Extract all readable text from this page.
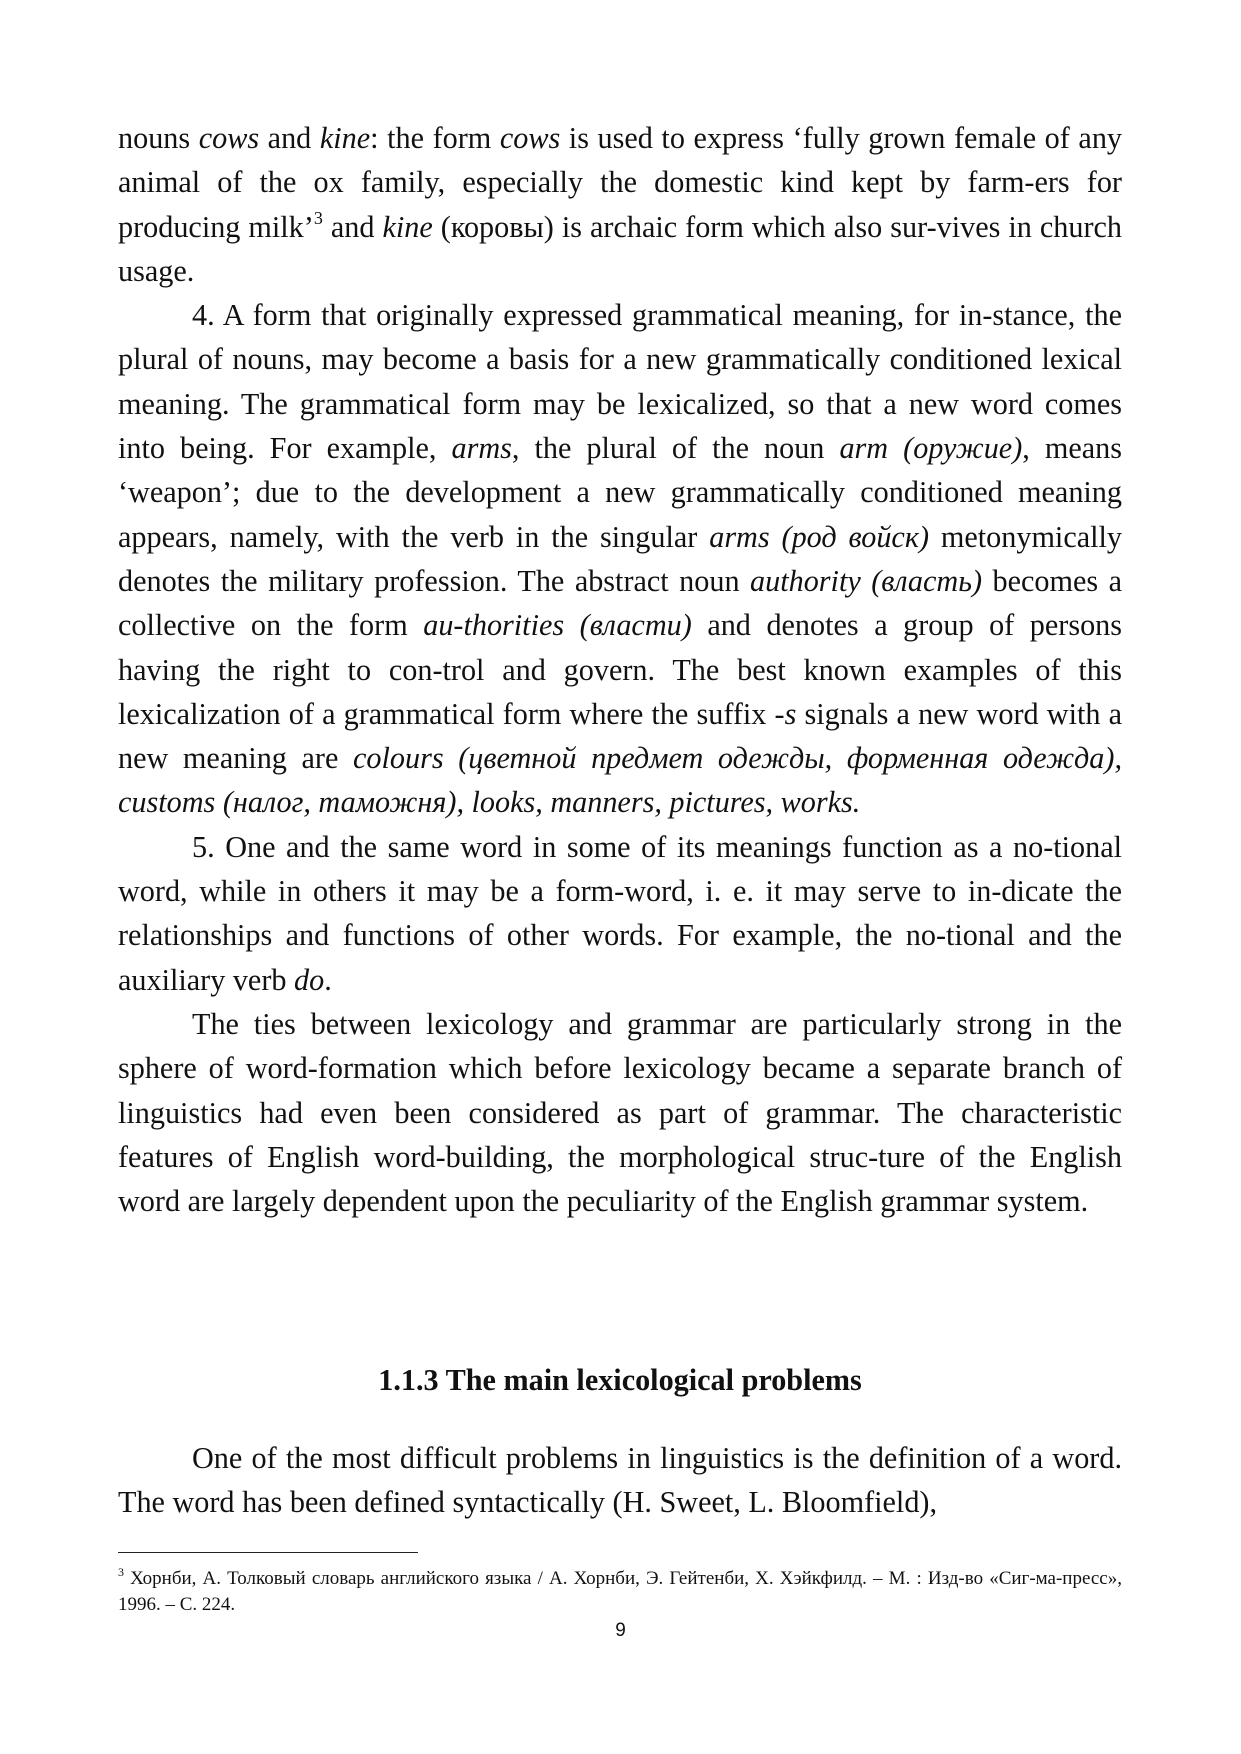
nouns cows and kine: the form cows is used to express ‘fully grown female of any animal of the ox family, especially the domestic kind kept by farm-ers for producing milk’$^3$ and kine (коровы) is archaic form which also sur-vives in church usage.

4. A form that originally expressed grammatical meaning, for in-stance, the plural of nouns, may become a basis for a new grammatically conditioned lexical meaning. The grammatical form may be lexicalized, so that a new word comes into being. For example, arms, the plural of the noun arm (оружие), means ‘weapon’; due to the development a new grammatically conditioned meaning appears, namely, with the verb in the singular arms (род войск) metonymically denotes the military profession. The abstract noun authority (власть) becomes a collective on the form au-thorities (власти) and denotes a group of persons having the right to con-trol and govern. The best known examples of this lexicalization of a grammatical form where the suffix -s signals a new word with a new meaning are colours (цветной предмет одежды, форменная одежда), customs (налог, таможня), looks, manners, pictures, works.

5. One and the same word in some of its meanings function as a no-tional word, while in others it may be a form-word, i. e. it may serve to in-dicate the relationships and functions of other words. For example, the no-tional and the auxiliary verb do.

The ties between lexicology and grammar are particularly strong in the sphere of word-formation which before lexicology became a separate branch of linguistics had even been considered as part of grammar. The characteristic features of English word-building, the morphological struc-ture of the English word are largely dependent upon the peculiarity of the English grammar system.

1.1.3 The main lexicological problems

One of the most difficult problems in linguistics is the definition of a word. The word has been defined syntactically (H. Sweet, L. Bloomfield),

$^3$ Хорнби, А. Толковый словарь английского языка / А. Хорнби, Э. Гейтенби, Х. Хэйкфилд. – М. : Изд-во «Сиг-ма-пресс», 1996. – С. 224.
9
